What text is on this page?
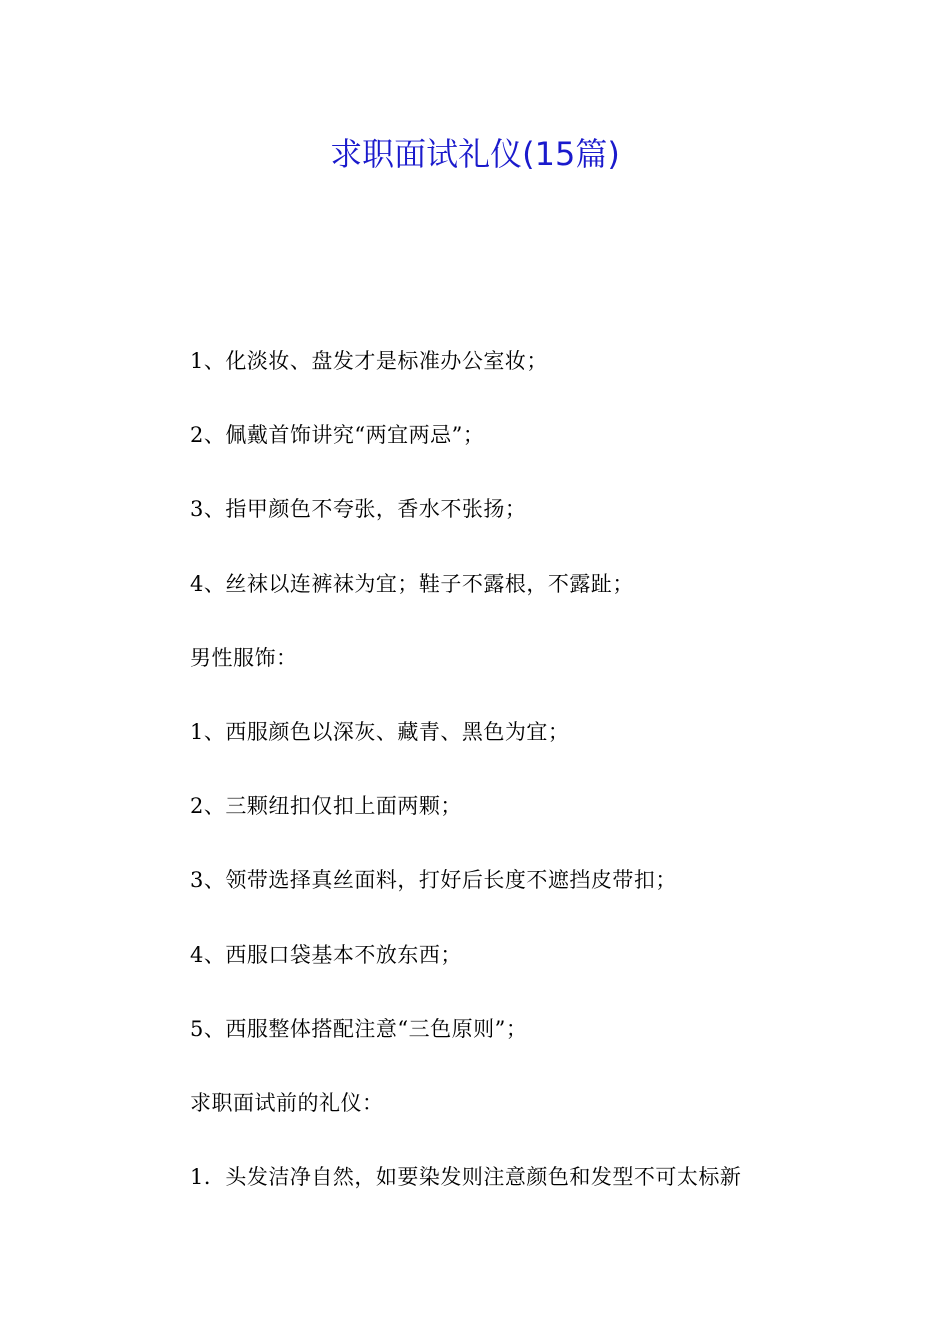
求职面试礼仪(15篇)
1、化淡妆、盘发才是标准办公室妆；
2、佩戴首饰讲究“两宜两忌”；
3、指甲颜色不夸张，香水不张扬；
4、丝袜以连裤袜为宜；鞋子不露根，不露趾；
男性服饰：
1、西服颜色以深灰、藏青、黑色为宜；
2、三颗纽扣仅扣上面两颗；
3、领带选择真丝面料，打好后长度不遮挡皮带扣；
4、西服口袋基本不放东西；
5、西服整体搭配注意“三色原则”；
求职面试前的礼仪：
1．头发洁净自然，如要染发则注意颜色和发型不可太标新
